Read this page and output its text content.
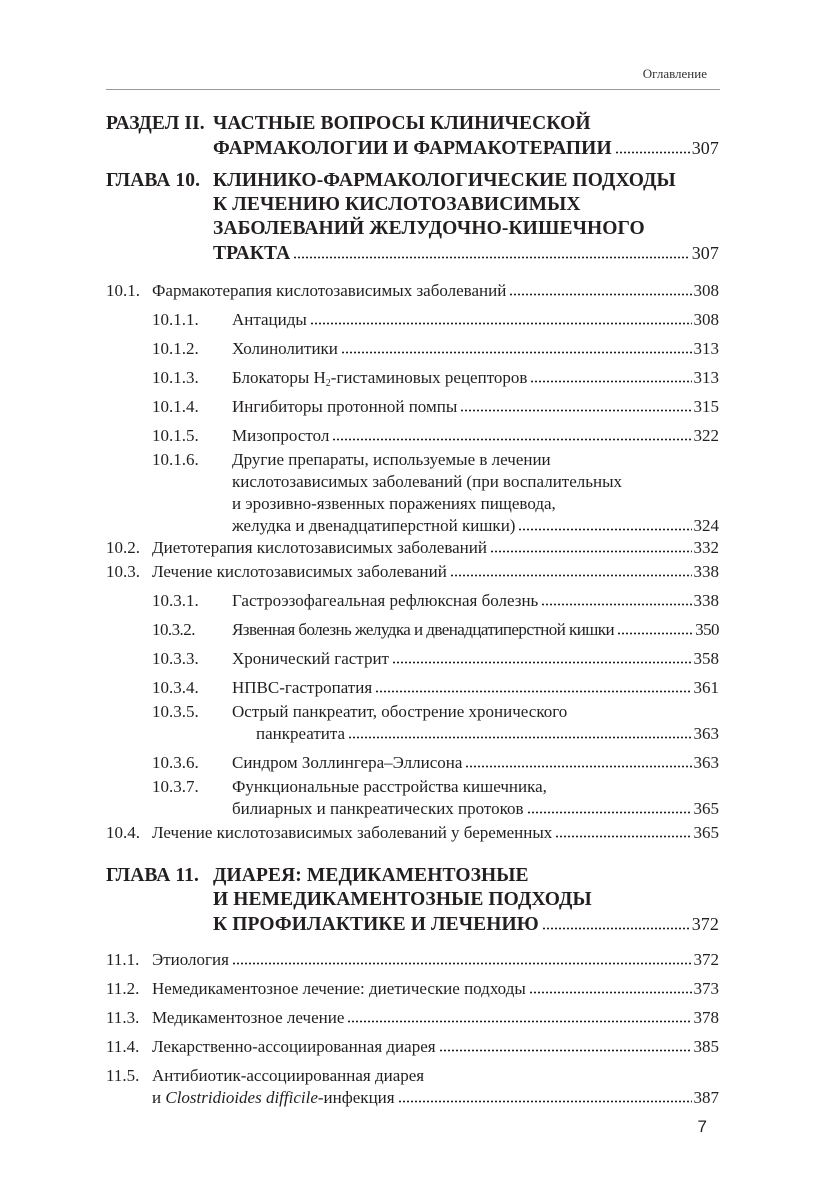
Оглавление
РАЗДЕЛ II. ЧАСТНЫЕ ВОПРОСЫ КЛИНИЧЕСКОЙ
ФАРМАКОЛОГИИ И ФАРМАКОТЕРАПИИ	307
ГЛАВА 10. КЛИНИКО-ФАРМАКОЛОГИЧЕСКИЕ ПОДХОДЫ
К ЛЕЧЕНИЮ КИСЛОТОЗАВИСИМЫХ
ЗАБОЛЕВАНИЙ ЖЕЛУДОЧНО-КИШЕЧНОГО
ТРАКТА	307
10.1. Фармакотерапия кислотозависимых заболеваний	308
10.1.1.	Антациды	308
10.1.2.	Холинолитики	313
10.1.3.	Блокаторы $H_2$-гистаминовых рецепторов	313
10.1.4.	Ингибиторы протонной помпы	315
10.1.5.	Мизопростол	322
10.1.6.	Другие препараты, используемые в лечении
кислотозависимых заболеваний (при воспалительных
и эрозивно-язвенных поражениях пищевода,
желудка и двенадцатиперстной кишки)	324
10.2. Диетотерапия кислотозависимых заболеваний	332
10.3. Лечение кислотозависимых заболеваний	338
10.3.1.	Гастроэзофагеальная рефлюксная болезнь	338
10.3.2.	Язвенная болезнь желудка и двенадцатиперстной кишки	350
10.3.3.	Хронический гастрит	358
10.3.4.	НПВС-гастропатия	361
10.3.5.	Острый панкреатит, обострение хронического
панкреатита	363
10.3.6.	Синдром Золлингера–Эллисона	363
10.3.7.	Функциональные расстройства кишечника,
билиарных и панкреатических протоков	365
10.4. Лечение кислотозависимых заболеваний у беременных	365
ГЛАВА 11. ДИАРЕЯ: МЕДИКАМЕНТОЗНЫЕ
И НЕМЕДИКАМЕНТОЗНЫЕ ПОДХОДЫ
К ПРОФИЛАКТИКЕ И ЛЕЧЕНИЮ	372
11.1. Этиология	372
11.2. Немедикаментозное лечение: диетические подходы	373
11.3. Медикаментозное лечение	378
11.4. Лекарственно-ассоциированная диарея	385
11.5. Антибиотик-ассоциированная диарея
и Clostridioides difficile-инфекция	387
7
